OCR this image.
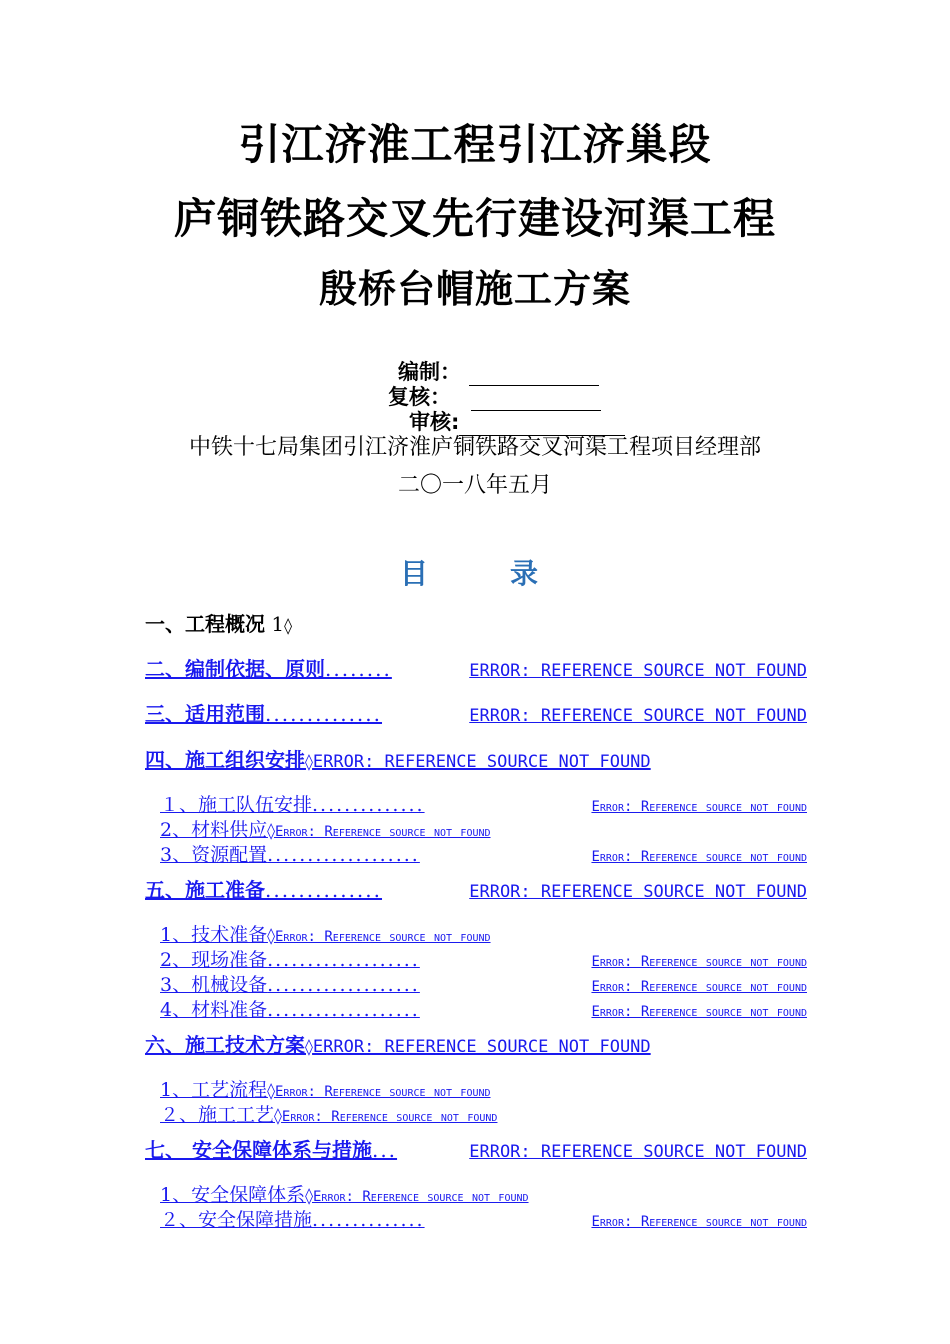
引江济淮工程引江济巢段
庐铜铁路交叉先行建设河渠工程
殷桥台帽施工方案
编制：
复核：
审核:
中铁十七局集团引江济淮庐铜铁路交叉河渠工程项目经理部
二〇一八年五月
目	录
一、工程概况 1◊
二、编制依据、原则 ........	ERROR: REFERENCE SOURCE NOT FOUND
三、适用范围 ..............	ERROR: REFERENCE SOURCE NOT FOUND
四、施工组织安排◊ERROR: REFERENCE SOURCE NOT FOUND
１、施工队伍安排 ..............	Error: Reference source not found
2、材料供应◊Error: Reference source not found
3、资源配置 ...................	Error: Reference source not found
五、施工准备 ..............	ERROR: REFERENCE SOURCE NOT FOUND
1、技术准备◊Error: Reference source not found
2、现场准备 ...................	Error: Reference source not found
3、机械设备 ...................	Error: Reference source not found
4、材料准备 ...................	Error: Reference source not found
六、施工技术方案◊ERROR: REFERENCE SOURCE NOT FOUND
1、工艺流程◊Error: Reference source not found
２、施工工艺◊Error: Reference source not found
七、 安全保障体系与措施 ...	ERROR: REFERENCE SOURCE NOT FOUND
1、安全保障体系◊Error: Reference source not found
２、安全保障措施 ..............	Error: Reference source not found
